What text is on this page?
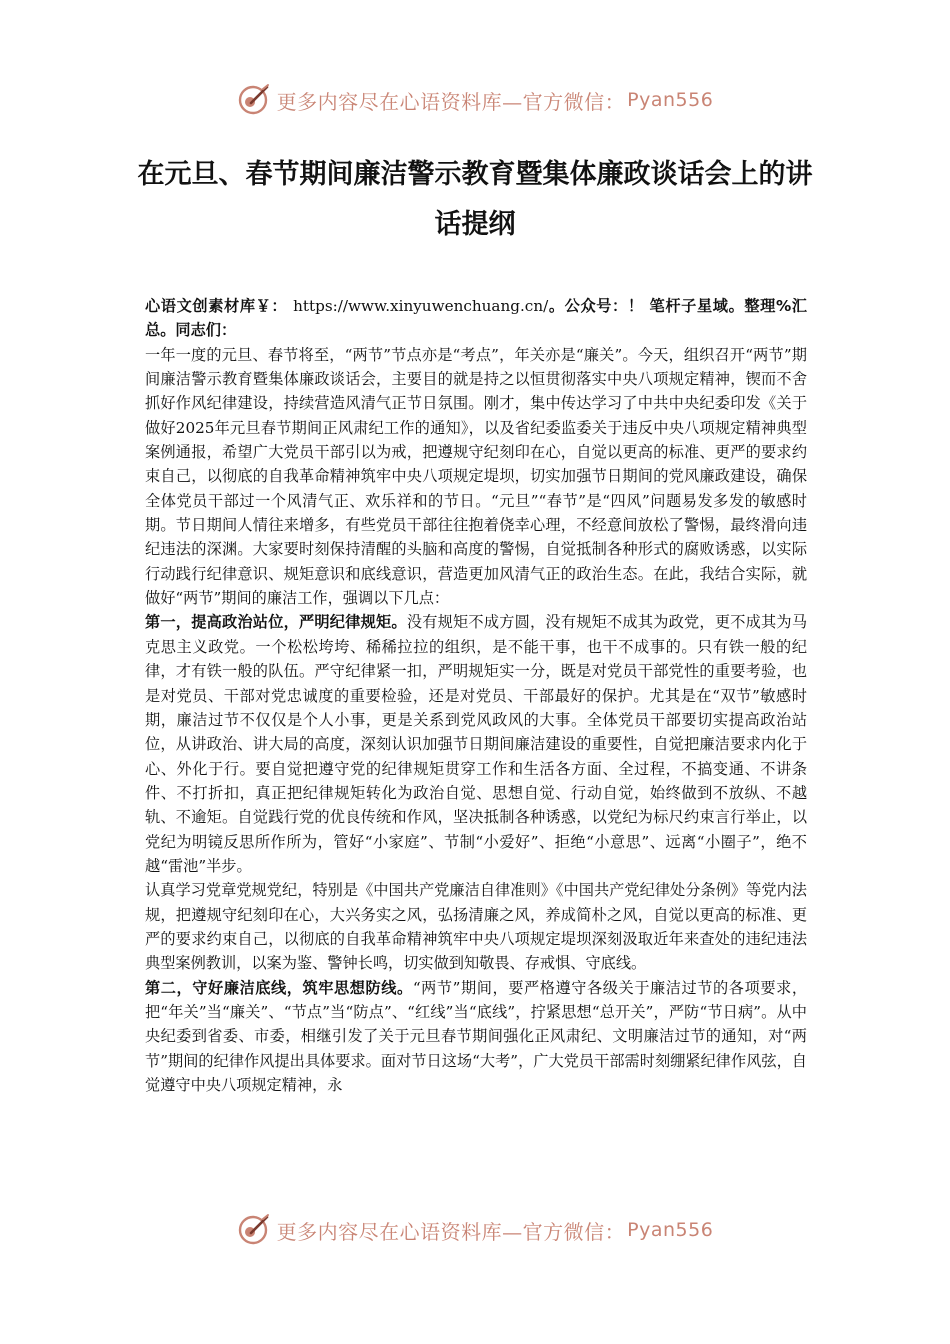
更多内容尽在心语资料库—官方微信： Pyan556
在元旦、春节期间廉洁警示教育暨集体廉政谈话会上的讲话提纲

心语文创素材库￥： https://www.xinyuwenchuang.cn/。公众号：！ 笔杆子星域。整理%汇总。同志们：

一年一度的元旦、春节将至，“两节”节点亦是“考点”，年关亦是“廉关”。今天，组织召开“两节”期间廉洁警示教育暨集体廉政谈话会，主要目的就是持之以恒贯彻落实中央八项规定精神，锲而不舍抓好作风纪律建设，持续营造风清气正节日氛围。刚才，集中传达学习了中共中央纪委印发《关于做好2025年元旦春节期间正风肃纪工作的通知》，以及省纪委监委关于违反中央八项规定精神典型案例通报，希望广大党员干部引以为戒，把遵规守纪刻印在心，自觉以更高的标准、更严的要求约束自己，以彻底的自我革命精神筑牢中央八项规定堤坝，切实加强节日期间的党风廉政建设，确保全体党员干部过一个风清气正、欢乐祥和的节日。“元旦”“春节”是“四风”问题易发多发的敏感时期。节日期间人情往来增多，有些党员干部往往抱着侥幸心理，不经意间放松了警惕，最终滑向违纪违法的深渊。大家要时刻保持清醒的头脑和高度的警惕，自觉抵制各种形式的腐败诱惑，以实际行动践行纪律意识、规矩意识和底线意识，营造更加风清气正的政治生态。在此，我结合实际，就做好“两节”期间的廉洁工作，强调以下几点：

第一，提高政治站位，严明纪律规矩。没有规矩不成方圆，没有规矩不成其为政党，更不成其为马克思主义政党。一个松松垮垮、稀稀拉拉的组织，是不能干事，也干不成事的。只有铁一般的纪律，才有铁一般的队伍。严守纪律紧一扣，严明规矩实一分，既是对党员干部党性的重要考验，也是对党员、干部对党忠诚度的重要检验，还是对党员、干部最好的保护。尤其是在“双节”敏感时期，廉洁过节不仅仅是个人小事，更是关系到党风政风的大事。全体党员干部要切实提高政治站位，从讲政治、讲大局的高度，深刻认识加强节日期间廉洁建设的重要性，自觉把廉洁要求内化于心、外化于行。要自觉把遵守党的纪律规矩贯穿工作和生活各方面、全过程，不搞变通、不讲条件、不打折扣，真正把纪律规矩转化为政治自觉、思想自觉、行动自觉，始终做到不放纵、不越轨、不逾矩。自觉践行党的优良传统和作风，坚决抵制各种诱惑，以党纪为标尺约束言行举止，以党纪为明镜反思所作所为，管好“小家庭”、节制“小爱好”、拒绝“小意思”、远离“小圈子”，绝不越“雷池”半步。

认真学习党章党规党纪，特别是《中国共产党廉洁自律准则》《中国共产党纪律处分条例》等党内法规，把遵规守纪刻印在心，大兴务实之风，弘扬清廉之风，养成简朴之风，自觉以更高的标准、更严的要求约束自己，以彻底的自我革命精神筑牢中央八项规定堤坝深刻汲取近年来查处的违纪违法典型案例教训，以案为鉴、警钟长鸣，切实做到知敬畏、存戒惧、守底线。

第二，守好廉洁底线，筑牢思想防线。“两节”期间，要严格遵守各级关于廉洁过节的各项要求，把“年关”当“廉关”、“节点”当“防点”、“红线”当“底线”，拧紧思想“总开关”，严防“节日病”。从中央纪委到省委、市委，相继引发了关于元旦春节期间强化正风肃纪、文明廉洁过节的通知，对“两节”期间的纪律作风提出具体要求。面对节日这场“大考”，广大党员干部需时刻绷紧纪律作风弦，自觉遵守中央八项规定精神，永

更多内容尽在心语资料库—官方微信： Pyan556
